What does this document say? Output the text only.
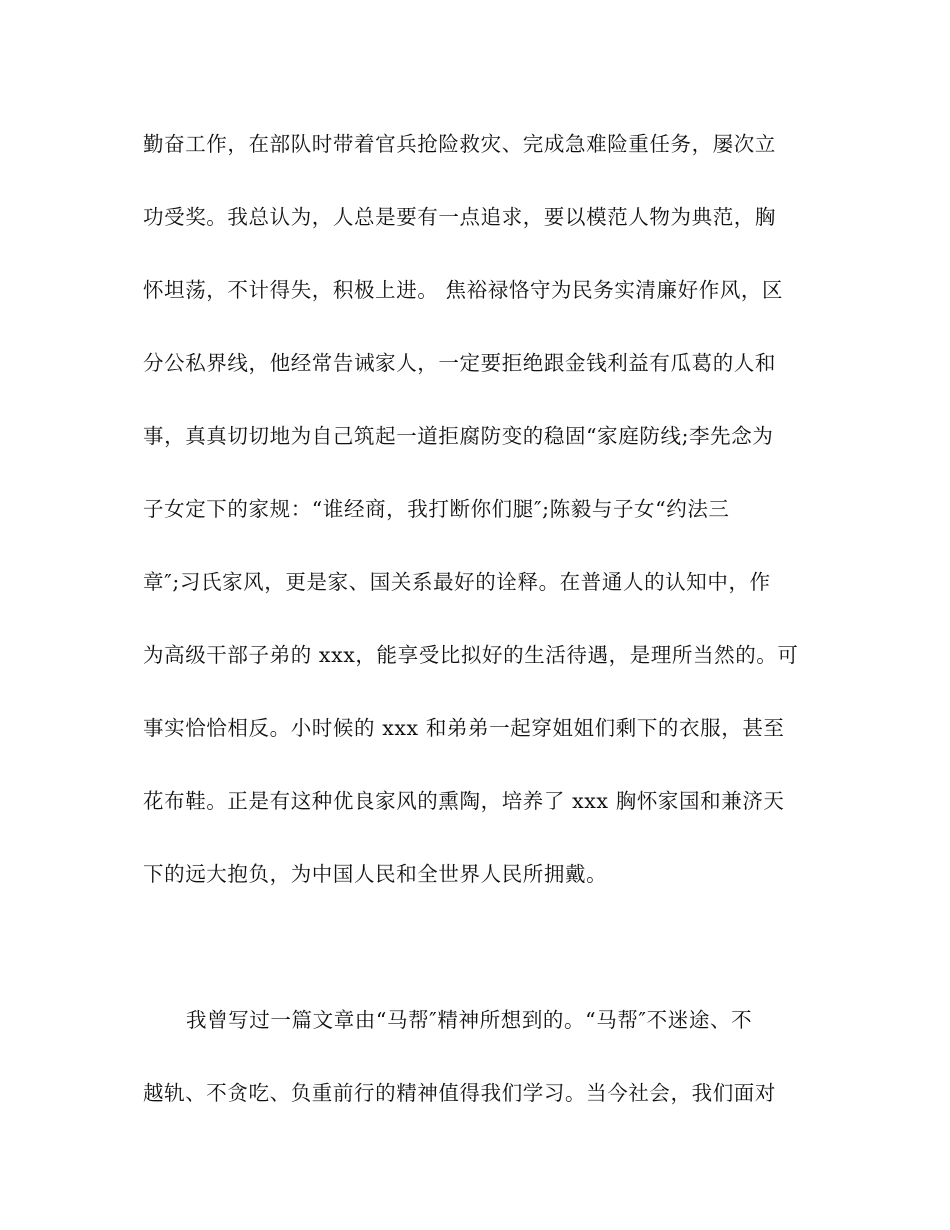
勤奋工作，在部队时带着官兵抢险救灾、完成急难险重任务，屡次立
功受奖。我总认为，人总是要有一点追求，要以模范人物为典范，胸
怀坦荡，不计得失，积极上进。 焦裕禄恪守为民务实清廉好作风，区
分公私界线，他经常告诫家人，一定要拒绝跟金钱利益有瓜葛的人和
事，真真切切地为自己筑起一道拒腐防变的稳固“家庭防线;李先念为
子女定下的家规：“谁经商，我打断你们腿″;陈毅与子女“约法三
章″;习氏家风，更是家、国关系最好的诠释。在普通人的认知中，作
为高级干部子弟的 xxx，能享受比拟好的生活待遇，是理所当然的。可
事实恰恰相反。小时候的 xxx 和弟弟一起穿姐姐们剩下的衣服，甚至
花布鞋。正是有这种优良家风的熏陶，培养了 xxx 胸怀家国和兼济天
下的远大抱负，为中国人民和全世界人民所拥戴。
我曾写过一篇文章由“马帮″精神所想到的。“马帮″不迷途、不
越轨、不贪吃、负重前行的精神值得我们学习。当今社会，我们面对
